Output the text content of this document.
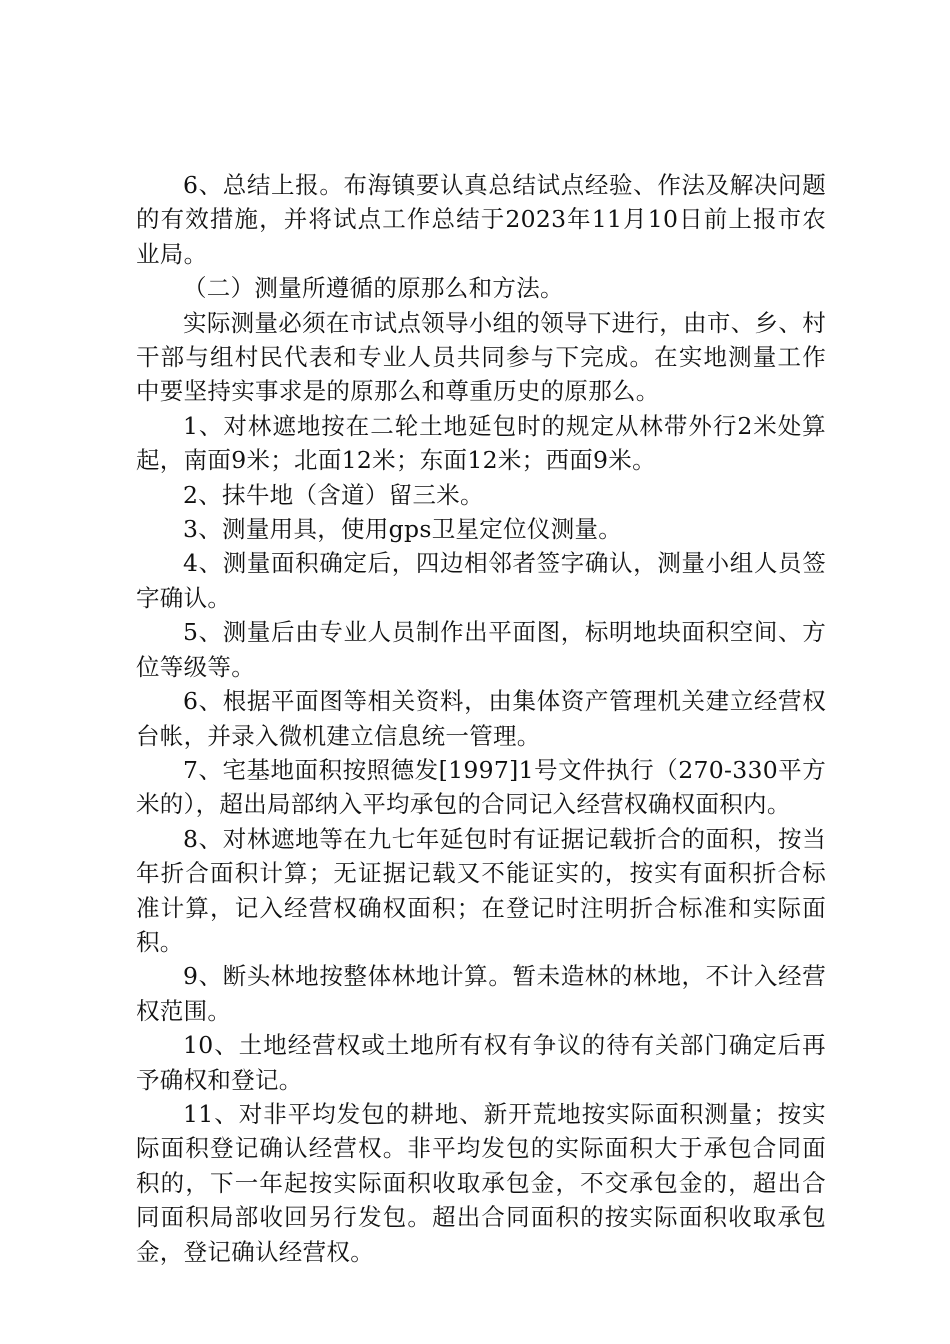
6、总结上报。布海镇要认真总结试点经验、作法及解决问题的有效措施，并将试点工作总结于2023年11月10日前上报市农业局。

（二）测量所遵循的原那么和方法。

实际测量必须在市试点领导小组的领导下进行，由市、乡、村干部与组村民代表和专业人员共同参与下完成。在实地测量工作中要坚持实事求是的原那么和尊重历史的原那么。

1、对林遮地按在二轮土地延包时的规定从林带外行2米处算起，南面9米；北面12米；东面12米；西面9米。

2、抹牛地（含道）留三米。

3、测量用具，使用gps卫星定位仪测量。

4、测量面积确定后，四边相邻者签字确认，测量小组人员签字确认。

5、测量后由专业人员制作出平面图，标明地块面积空间、方位等级等。

6、根据平面图等相关资料，由集体资产管理机关建立经营权台帐，并录入微机建立信息统一管理。

7、宅基地面积按照德发[1997]1号文件执行（270-330平方米的），超出局部纳入平均承包的合同记入经营权确权面积内。

8、对林遮地等在九七年延包时有证据记载折合的面积，按当年折合面积计算；无证据记载又不能证实的，按实有面积折合标准计算，记入经营权确权面积；在登记时注明折合标准和实际面积。

9、断头林地按整体林地计算。暂未造林的林地，不计入经营权范围。

10、土地经营权或土地所有权有争议的待有关部门确定后再予确权和登记。

11、对非平均发包的耕地、新开荒地按实际面积测量；按实际面积登记确认经营权。非平均发包的实际面积大于承包合同面积的，下一年起按实际面积收取承包金，不交承包金的，超出合同面积局部收回另行发包。超出合同面积的按实际面积收取承包金，登记确认经营权。
